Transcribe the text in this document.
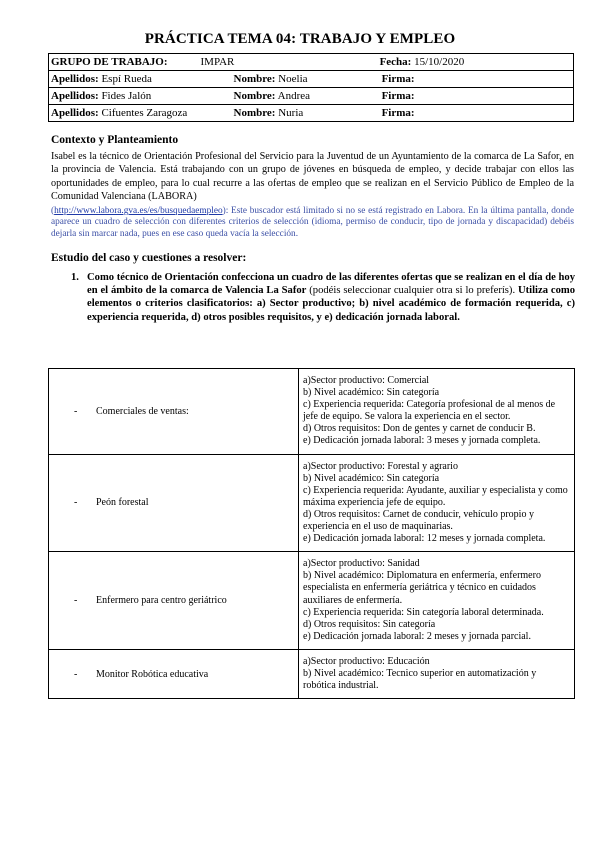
PRÁCTICA TEMA 04: TRABAJO Y EMPLEO
GRUPO DE TRABAJO:	IMPAR	Fecha: 15/10/2020
Apellidos: Espí Rueda	Nombre: Noelia	Firma:
Apellidos: Fides Jalón	Nombre: Andrea	Firma:
Apellidos: Cifuentes Zaragoza	Nombre: Nuria	Firma:
Contexto y Planteamiento
Isabel es la técnico de Orientación Profesional del Servicio para la Juventud de un Ayuntamiento de la comarca de La Safor, en la provincia de Valencia. Está trabajando con un grupo de jóvenes en búsqueda de empleo, y decide trabajar con ellos las oportunidades de empleo, para lo cual recurre a las ofertas de empleo que se realizan en el Servicio Público de Empleo de la Comunidad Valenciana (LABORA)
(http://www.labora.gva.es/es/busquedaempleo): Este buscador está limitado si no se está registrado en Labora. En la última pantalla, donde aparece un cuadro de selección con diferentes criterios de selección (idioma, permiso de conducir, tipo de jornada y discapacidad) debéis dejarla sin marcar nada, pues en ese caso queda vacía la selección.
Estudio del caso y cuestiones a resolver:
1. Como técnico de Orientación confecciona un cuadro de las diferentes ofertas que se realizan en el día de hoy en el ámbito de la comarca de Valencia La Safor (podéis seleccionar cualquier otra si lo preferís). Utiliza como elementos o criterios clasificatorios: a) Sector productivo; b) nivel académico de formación requerida, c) experiencia requerida, d) otros posibles requisitos, y e) dedicación jornada laboral.
- Comerciales de ventas:	a)Sector productivo: Comercial
b) Nivel académico: Sin categoría
c) Experiencia requerida: Categoría profesional de al menos de jefe de equipo. Se valora la experiencia en el sector.
d) Otros requisitos: Don de gentes y carnet de conducir B.
e) Dedicación jornada laboral: 3 meses y jornada completa.

- Peón forestal	a)Sector productivo: Forestal y agrario
b) Nivel académico: Sin categoría
c) Experiencia requerida: Ayudante, auxiliar y especialista y como máxima experiencia jefe de equipo.
d) Otros requisitos: Carnet de conducir, vehículo propio y experiencia en el uso de maquinarias.
e) Dedicación jornada laboral: 12 meses y jornada completa.

- Enfermero para centro geriátrico	a)Sector productivo: Sanidad
b) Nivel académico: Diplomatura en enfermería, enfermero especialista en enfermería geriátrica y técnico en cuidados auxiliares de enfermería.
c) Experiencia requerida: Sin categoría laboral determinada.
d) Otros requisitos: Sin categoría
e) Dedicación jornada laboral: 2 meses y jornada parcial.

- Monitor Robótica educativa	a)Sector productivo: Educación
b) Nivel académico: Tecnico superior en automatización y robótica industrial.
